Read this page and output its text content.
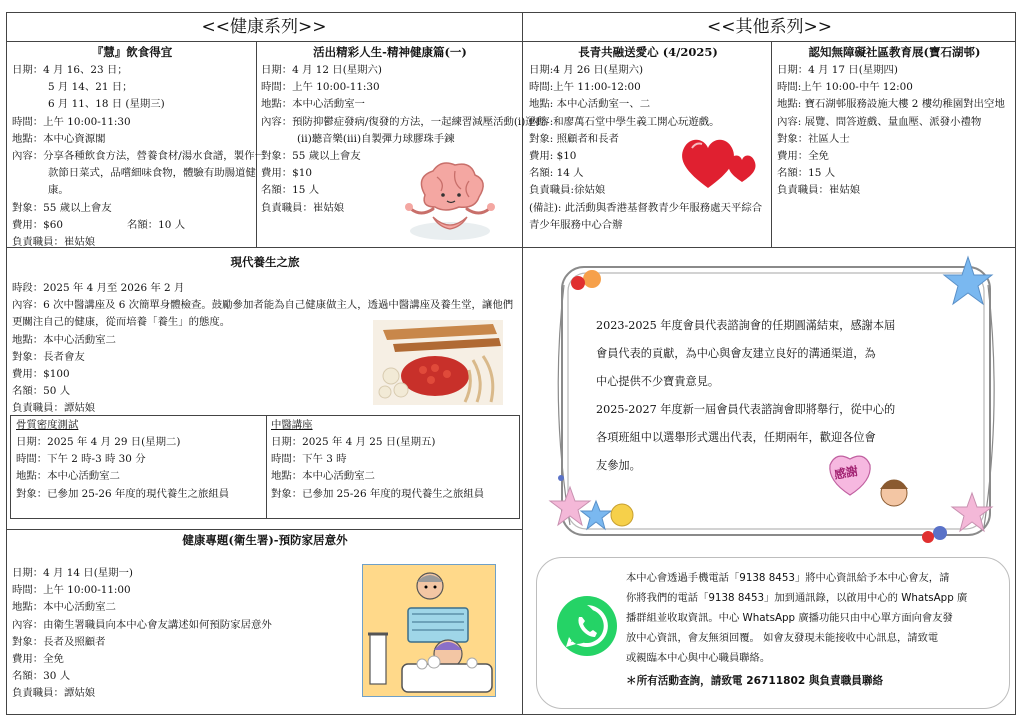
<<健康系列>>	<<其他系列>>
『慧』飲食得宜
日期：4 月 16、23 日；
5 月 14、21 日；
6 月 11、18 日 (星期三)
時間：上午 10:00-11:30
地點：本中心資源閣
內容：分享各種飲食方法，營養食材/湯水食譜，製作一款節日菜式，品嚐細味食物，體驗有助腸道健康。
對象：55 歲以上會友
費用：$60	名額：10 人
負責職員：崔姑娘
活出精彩人生-精神健康篇(一)
日期：4 月 12 日(星期六)
時間：上午 10:00-11:30
地點：本中心活動室一
內容：預防抑鬱症發病/復發的方法，一起練習減壓活動(i)運動(ii)聽音樂(iii)自製彈力球膠珠手鍊
對象：55 歲以上會友
費用：$10
名額：15 人
負責職員：崔姑娘
長青共融送愛心 (4/2025)
日期:4 月 26 日(星期六)
時間:上午 11:00-12:00
地點: 本中心活動室一、二
內容:和廖萬石堂中學生義工開心玩遊戲。
對象: 照顧者和長者
費用: $10
名額: 14 人
負責職員:徐姑娘
(備註): 此活動與香港基督教青少年服務處天平綜合青少年服務中心合辦
認知無障礙社區教育展(寶石湖邨)
日期：4 月 17 日(星期四)
時間:上午 10:00-中午 12:00
地點: 寶石湖邨服務設施大樓 2 樓幼稚園對出空地
內容: 展覽、問答遊戲、量血壓、派發小禮物
對象：社區人士
費用：全免
名額：15 人
負責職員：崔姑娘
現代養生之旅
時段：2025 年 4 月至 2026 年 2 月
內容：6 次中醫講座及 6 次簡單身體檢查。鼓勵參加者能為自己健康做主人，透過中醫講座及養生堂，讓他們更關注自己的健康，從而培養「養生」的態度。
地點：本中心活動室二
對象：長者會友
費用：$100
名額：50 人
負責職員：譚姑娘
骨質密度測試
日期：2025 年 4 月 29 日(星期二)
時間：下午 2 時-3 時 30 分
地點：本中心活動室二
對象：已參加 25-26 年度的現代養生之旅組員
中醫講座
日期：2025 年 4 月 25 日(星期五)
時間：下午 3 時
地點：本中心活動室二
對象：已參加 25-26 年度的現代養生之旅組員
健康專題(衛生署)-預防家居意外
日期：4 月 14 日(星期一)
時間：上午 10:00-11:00
地點：本中心活動室二
內容：由衛生署職員向本中心會友講述如何預防家居意外
對象：長者及照顧者
費用：全免
名額：30 人
負責職員：譚姑娘
2023-2025 年度會員代表諮詢會的任期圓滿結束，感謝本屆
會員代表的貢獻，為中心與會友建立良好的溝通渠道，為
中心提供不少寶貴意見。
2025-2027 年度新一屆會員代表諮詢會即將舉行，從中心的
各項班組中以選舉形式選出代表，任期兩年，歡迎各位會
友參加。	感謝
本中心會透過手機電話「9138 8453」將中心資訊給予本中心會友，請
你將我們的電話「9138 8453」加到通訊錄，以啟用中心的 WhatsApp 廣
播群組並收取資訊。中心 WhatsApp 廣播功能只由中心單方面向會友發
放中心資訊，會友無須回覆。 如會友發現未能接收中心訊息，請致電
或親臨本中心與中心職員聯絡。
＊所有活動查詢，請致電 26711802 與負責職員聯絡
